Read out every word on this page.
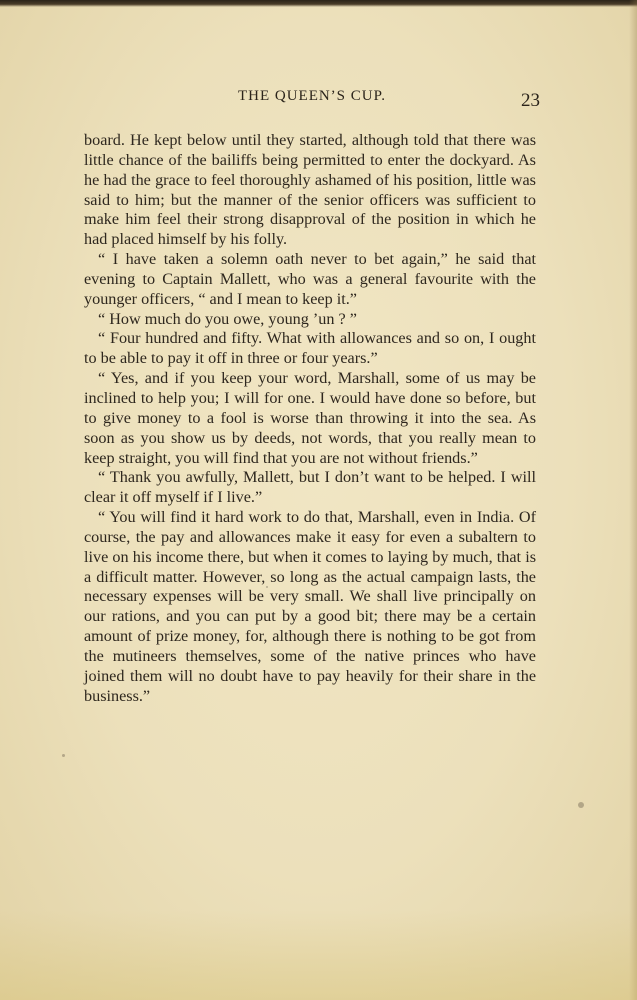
THE QUEEN’S CUP.	23

board. He kept below until they started, although told that there was little chance of the bailiffs being permitted to enter the dockyard. As he had the grace to feel thoroughly ashamed of his position, little was said to him; but the manner of the senior officers was sufficient to make him feel their strong disapproval of the position in which he had placed himself by his folly.

“ I have taken a solemn oath never to bet again,” he said that evening to Captain Mallett, who was a general favourite with the younger officers, “ and I mean to keep it.”

“ How much do you owe, young ’un ? ”

“ Four hundred and fifty. What with allowances and so on, I ought to be able to pay it off in three or four years.”

“ Yes, and if you keep your word, Marshall, some of us may be inclined to help you; I will for one. I would have done so before, but to give money to a fool is worse than throwing it into the sea. As soon as you show us by deeds, not words, that you really mean to keep straight, you will find that you are not without friends.”

“ Thank you awfully, Mallett, but I don’t want to be helped. I will clear it off myself if I live.”

“ You will find it hard work to do that, Marshall, even in India. Of course, the pay and allowances make it easy for even a subaltern to live on his income there, but when it comes to laying by much, that is a difficult matter. However, so long as the actual campaign lasts, the necessary expenses will be very small. We shall live principally on our rations, and you can put by a good bit; there may be a certain amount of prize money, for, although there is nothing to be got from the mutineers themselves, some of the native princes who have joined them will no doubt have to pay heavily for their share in the business.”
